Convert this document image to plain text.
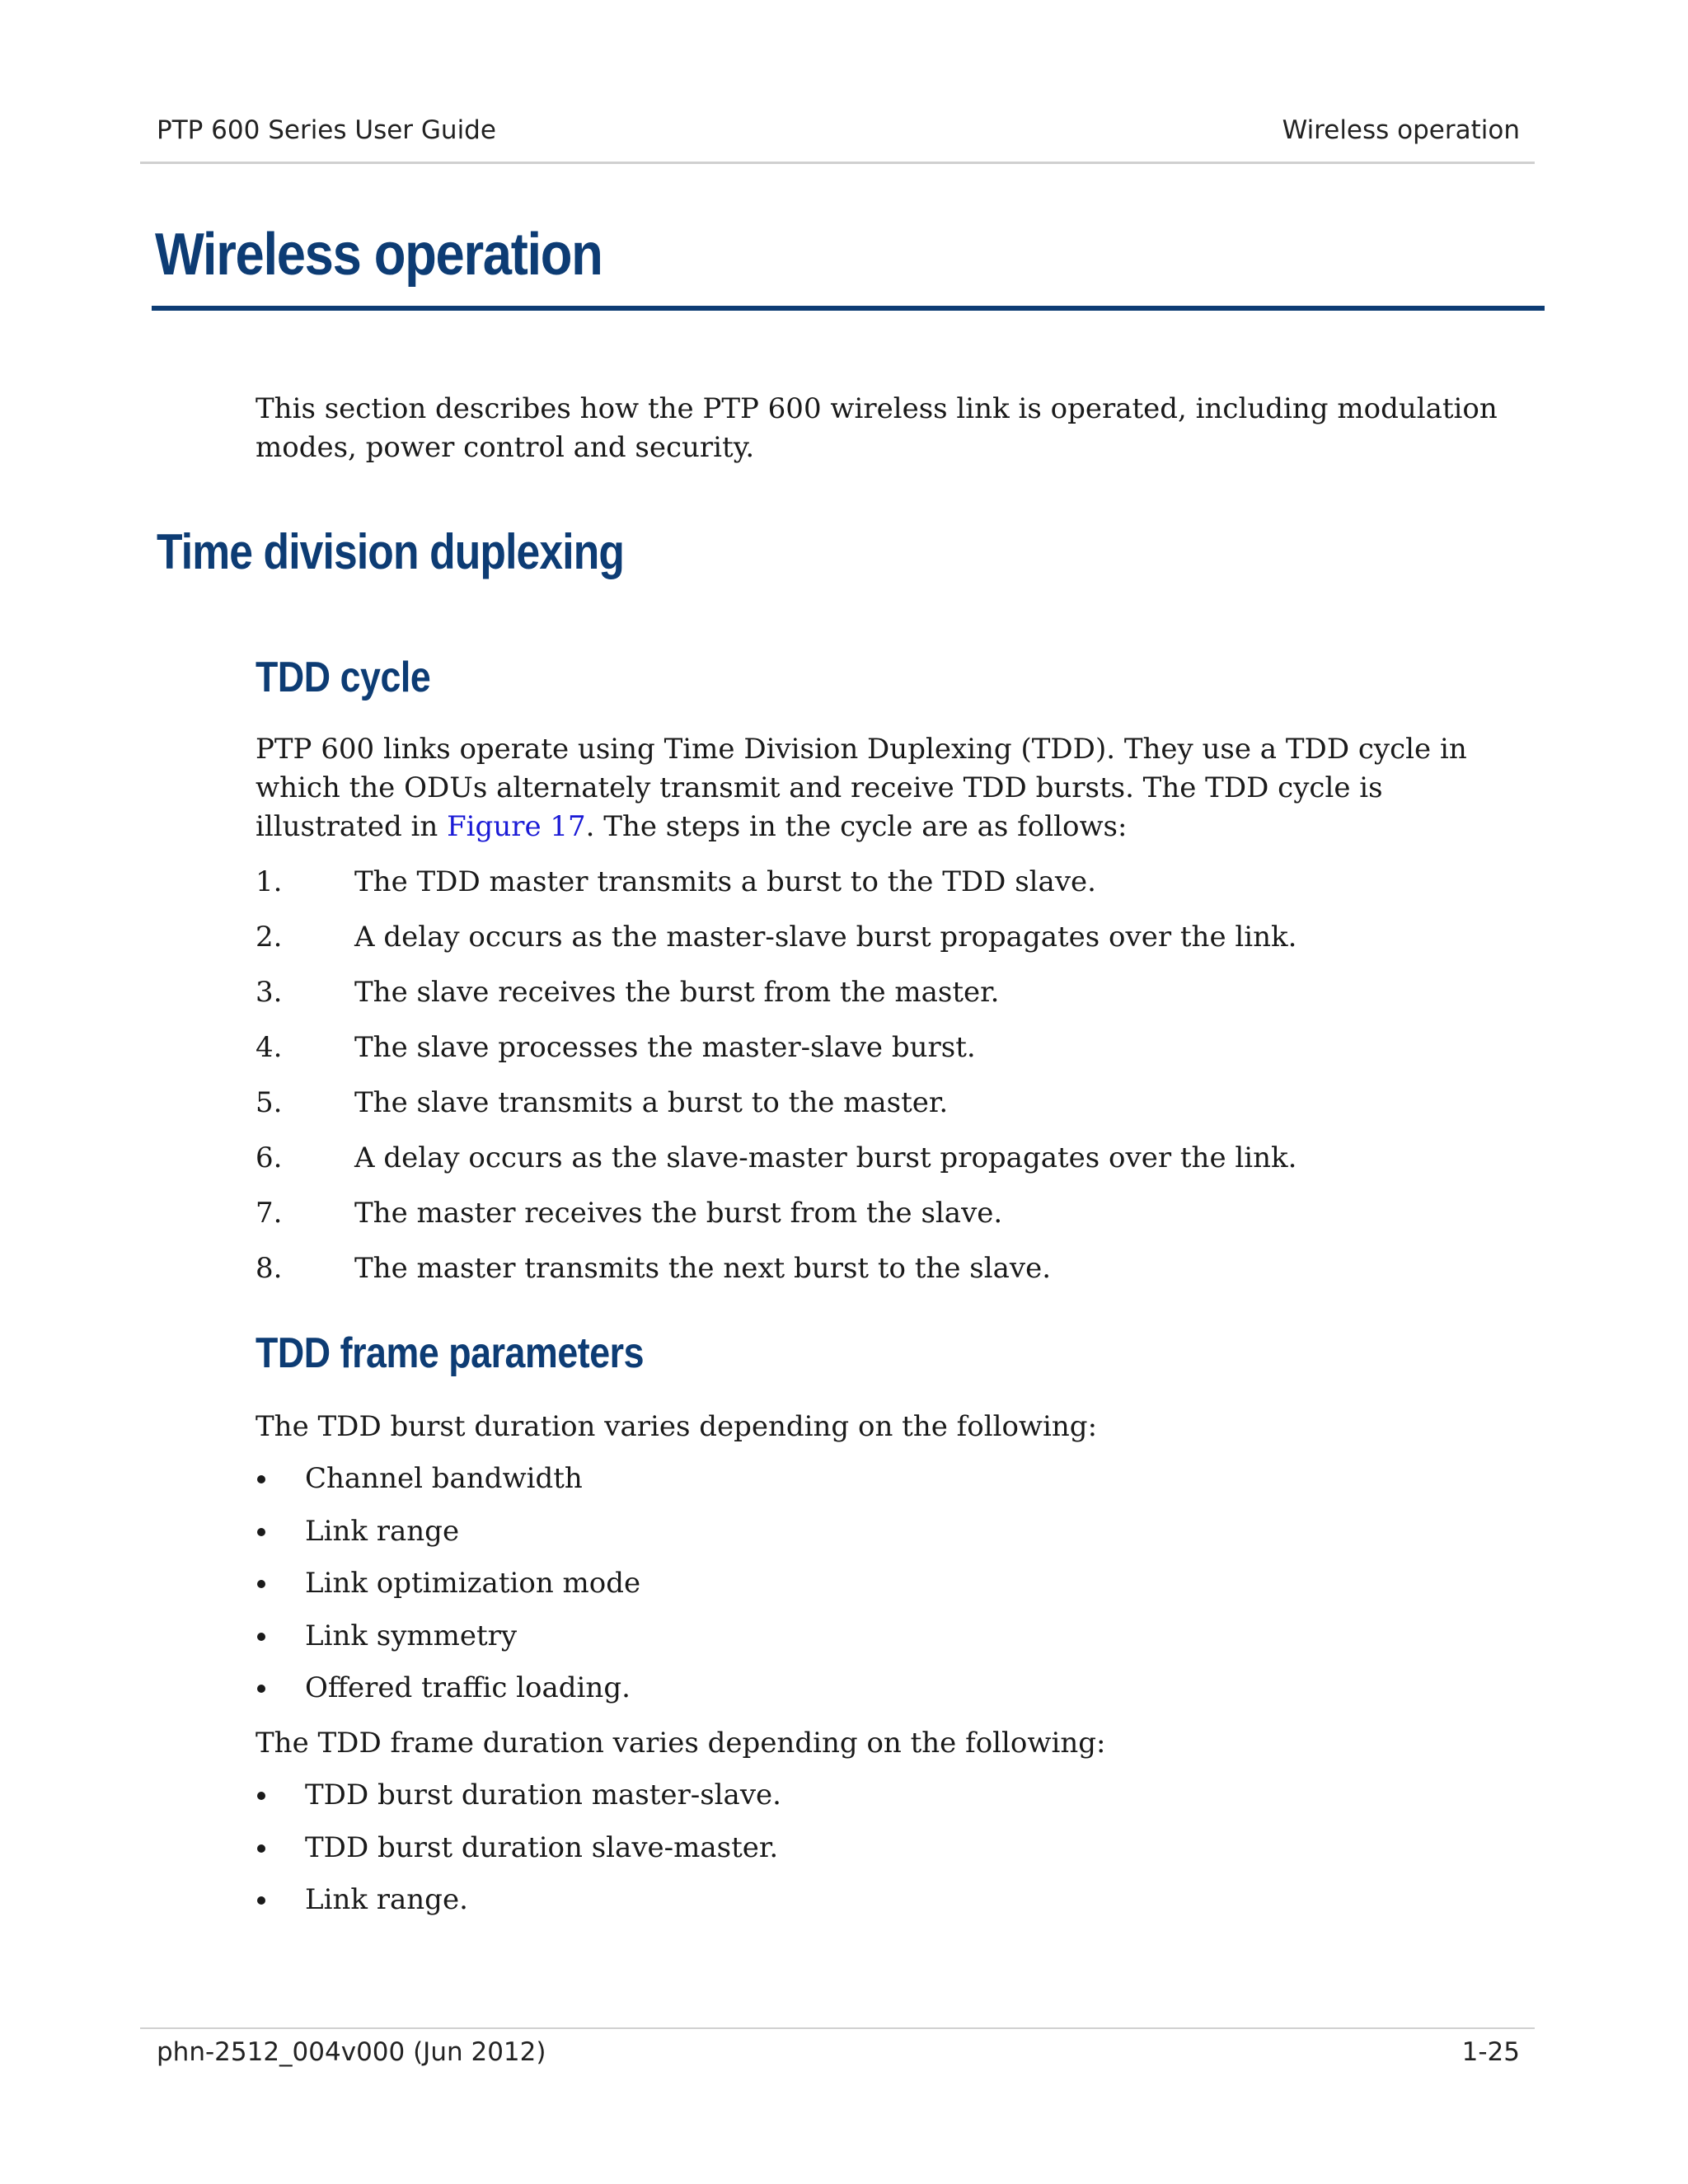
PTP 600 Series User Guide	Wireless operation
Wireless operation
This section describes how the PTP 600 wireless link is operated, including modulation modes, power control and security.
Time division duplexing
TDD cycle
PTP 600 links operate using Time Division Duplexing (TDD). They use a TDD cycle in which the ODUs alternately transmit and receive TDD bursts. The TDD cycle is illustrated in Figure 17. The steps in the cycle are as follows:
1.	The TDD master transmits a burst to the TDD slave.
2.	A delay occurs as the master-slave burst propagates over the link.
3.	The slave receives the burst from the master.
4.	The slave processes the master-slave burst.
5.	The slave transmits a burst to the master.
6.	A delay occurs as the slave-master burst propagates over the link.
7.	The master receives the burst from the slave.
8.	The master transmits the next burst to the slave.
TDD frame parameters
The TDD burst duration varies depending on the following:
Channel bandwidth
Link range
Link optimization mode
Link symmetry
Offered traffic loading.
The TDD frame duration varies depending on the following:
TDD burst duration master-slave.
TDD burst duration slave-master.
Link range.
phn-2512_004v000 (Jun 2012)	1-25
